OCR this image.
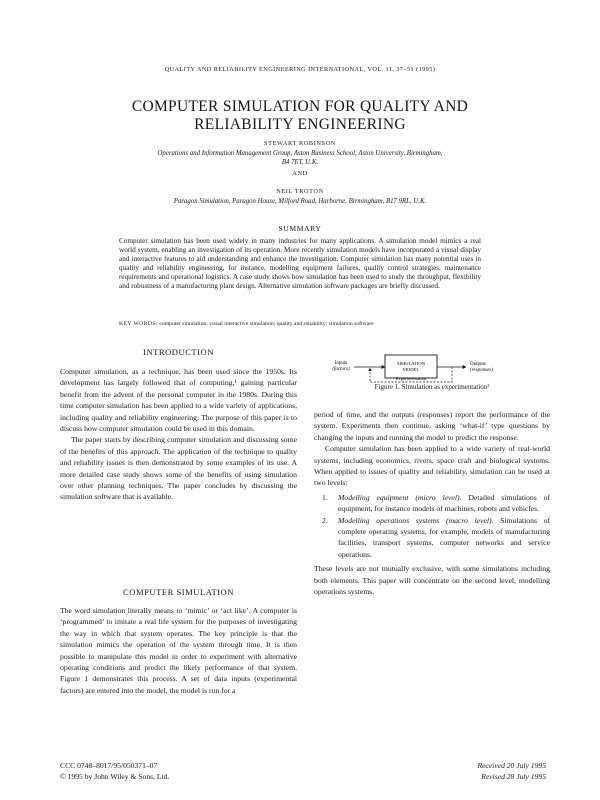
QUALITY AND RELIABILITY ENGINEERING INTERNATIONAL, VOL. 11, 37–51 (1995)
COMPUTER SIMULATION FOR QUALITY AND
RELIABILITY ENGINEERING
STEWART ROBINSON
Operations and Information Management Group, Aston Business School, Aston University, Birmingham,
B4 7ET, U.K.
AND
NEIL TROTON
Paragon Simulation, Paragon House, Milford Road, Harborne, Birmingham, B17 9RL, U.K.
SUMMARY
Computer simulation has been used widely in many industries for many applications. A simulation model mimics a real world system, enabling an investigation of its operation. More recently simulation models have incorporated a visual display and interactive features to aid understanding and enhance the investigation. Computer simulation has many potential uses in quality and reliability engineering, for instance, modelling equipment failures, quality control strategies, maintenance requirements and operational logistics. A case study shows how simulation has been used to study the throughput, flexibility and robustness of a manufacturing plant design. Alternative simulation software packages are briefly discussed.
KEY WORDS: computer simulation; visual interactive simulation; quality and reliability; simulation software
INTRODUCTION

Computer simulation, as a technique, has been used since the 1950s. Its development has largely followed that of computing,¹ gaining particular benefit from the advent of the personal computer in the 1980s. During this time computer simulation has been applied to a wide variety of applications, including quality and reliability engineering. The purpose of this paper is to discuss how computer simulation could be used in this domain.

The paper starts by describing computer simulation and discussing some of the benefits of this approach. The application of the technique to quality and reliability issues is then demonstrated by some examples of its use. A more detailed case study shows some of the benefits of using simulation over other planning techniques. The paper concludes by discussing the simulation software that is available.

COMPUTER SIMULATION

The word simulation literally means to ‘mimic’ or ‘act like’. A computer is ‘programmed’ to imitate a real life system for the purposes of investigating the way in which that system operates. The key principle is that the simulation mimics the operation of the system through time. It is then possible to manipulate this model in order to experiment with alternative operating conditions and predict the likely performance of that system. Figure 1 demonstrates this process. A set of data inputs (experimental factors) are entered into the model, the model is run for a

Inputs
(factors)
SIMULATION
MODEL
Outputs
(responses)
Experimentation
Figure 1. Simulation as experimentation²

period of time, and the outputs (responses) report the performance of the system. Experiments then continue, asking ‘what-if’ type questions by changing the inputs and running the model to predict the response.

Computer simulation has been applied to a wide variety of real-world systems, including economics, rivers, space craft and biological systems. When applied to issues of quality and reliability, simulation can be used at two levels:

1. Modelling equipment (micro level). Detailed simulations of equipment, for instance models of machines, robots and vehicles.
2. Modelling operations systems (macro level). Simulations of complete operating systems, for example, models of manufacturing facilities, transport systems, computer networks and service operations.

These levels are not mutually exclusive, with some simulations including both elements. This paper will concentrate on the second level, modelling operations systems.

CCC 0748–8017/95/050371–07
© 1995 by John Wiley & Sons, Ltd.
Received 20 July 1995
Revised 28 July 1995
